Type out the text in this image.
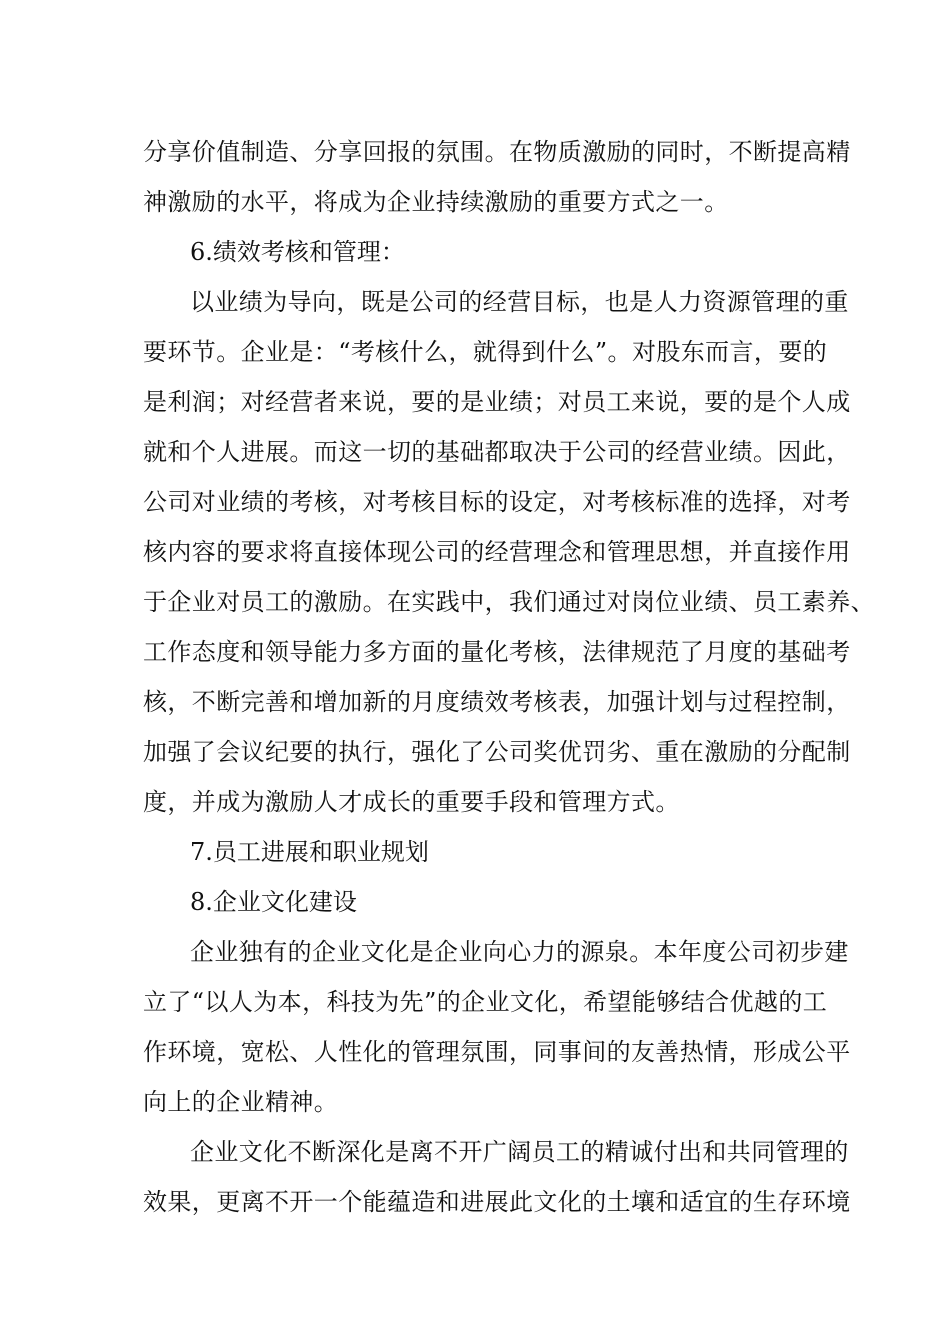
分享价值制造、分享回报的氛围。在物质激励的同时，不断提高精
神激励的水平，将成为企业持续激励的重要方式之一。
6.绩效考核和管理：
以业绩为导向，既是公司的经营目标，也是人力资源管理的重
要环节。企业是：“考核什么，就得到什么”。对股东而言，要的
是利润；对经营者来说，要的是业绩；对员工来说，要的是个人成
就和个人进展。而这一切的基础都取决于公司的经营业绩。因此，
公司对业绩的考核，对考核目标的设定，对考核标准的选择，对考
核内容的要求将直接体现公司的经营理念和管理思想，并直接作用
于企业对员工的激励。在实践中，我们通过对岗位业绩、员工素养、
工作态度和领导能力多方面的量化考核，法律规范了月度的基础考
核，不断完善和增加新的月度绩效考核表，加强计划与过程控制，
加强了会议纪要的执行，强化了公司奖优罚劣、重在激励的分配制
度，并成为激励人才成长的重要手段和管理方式。
7.员工进展和职业规划
8.企业文化建设
企业独有的企业文化是企业向心力的源泉。本年度公司初步建
立了“以人为本，科技为先”的企业文化，希望能够结合优越的工
作环境，宽松、人性化的管理氛围，同事间的友善热情，形成公平
向上的企业精神。
企业文化不断深化是离不开广阔员工的精诚付出和共同管理的
效果，更离不开一个能蕴造和进展此文化的土壤和适宜的生存环境
